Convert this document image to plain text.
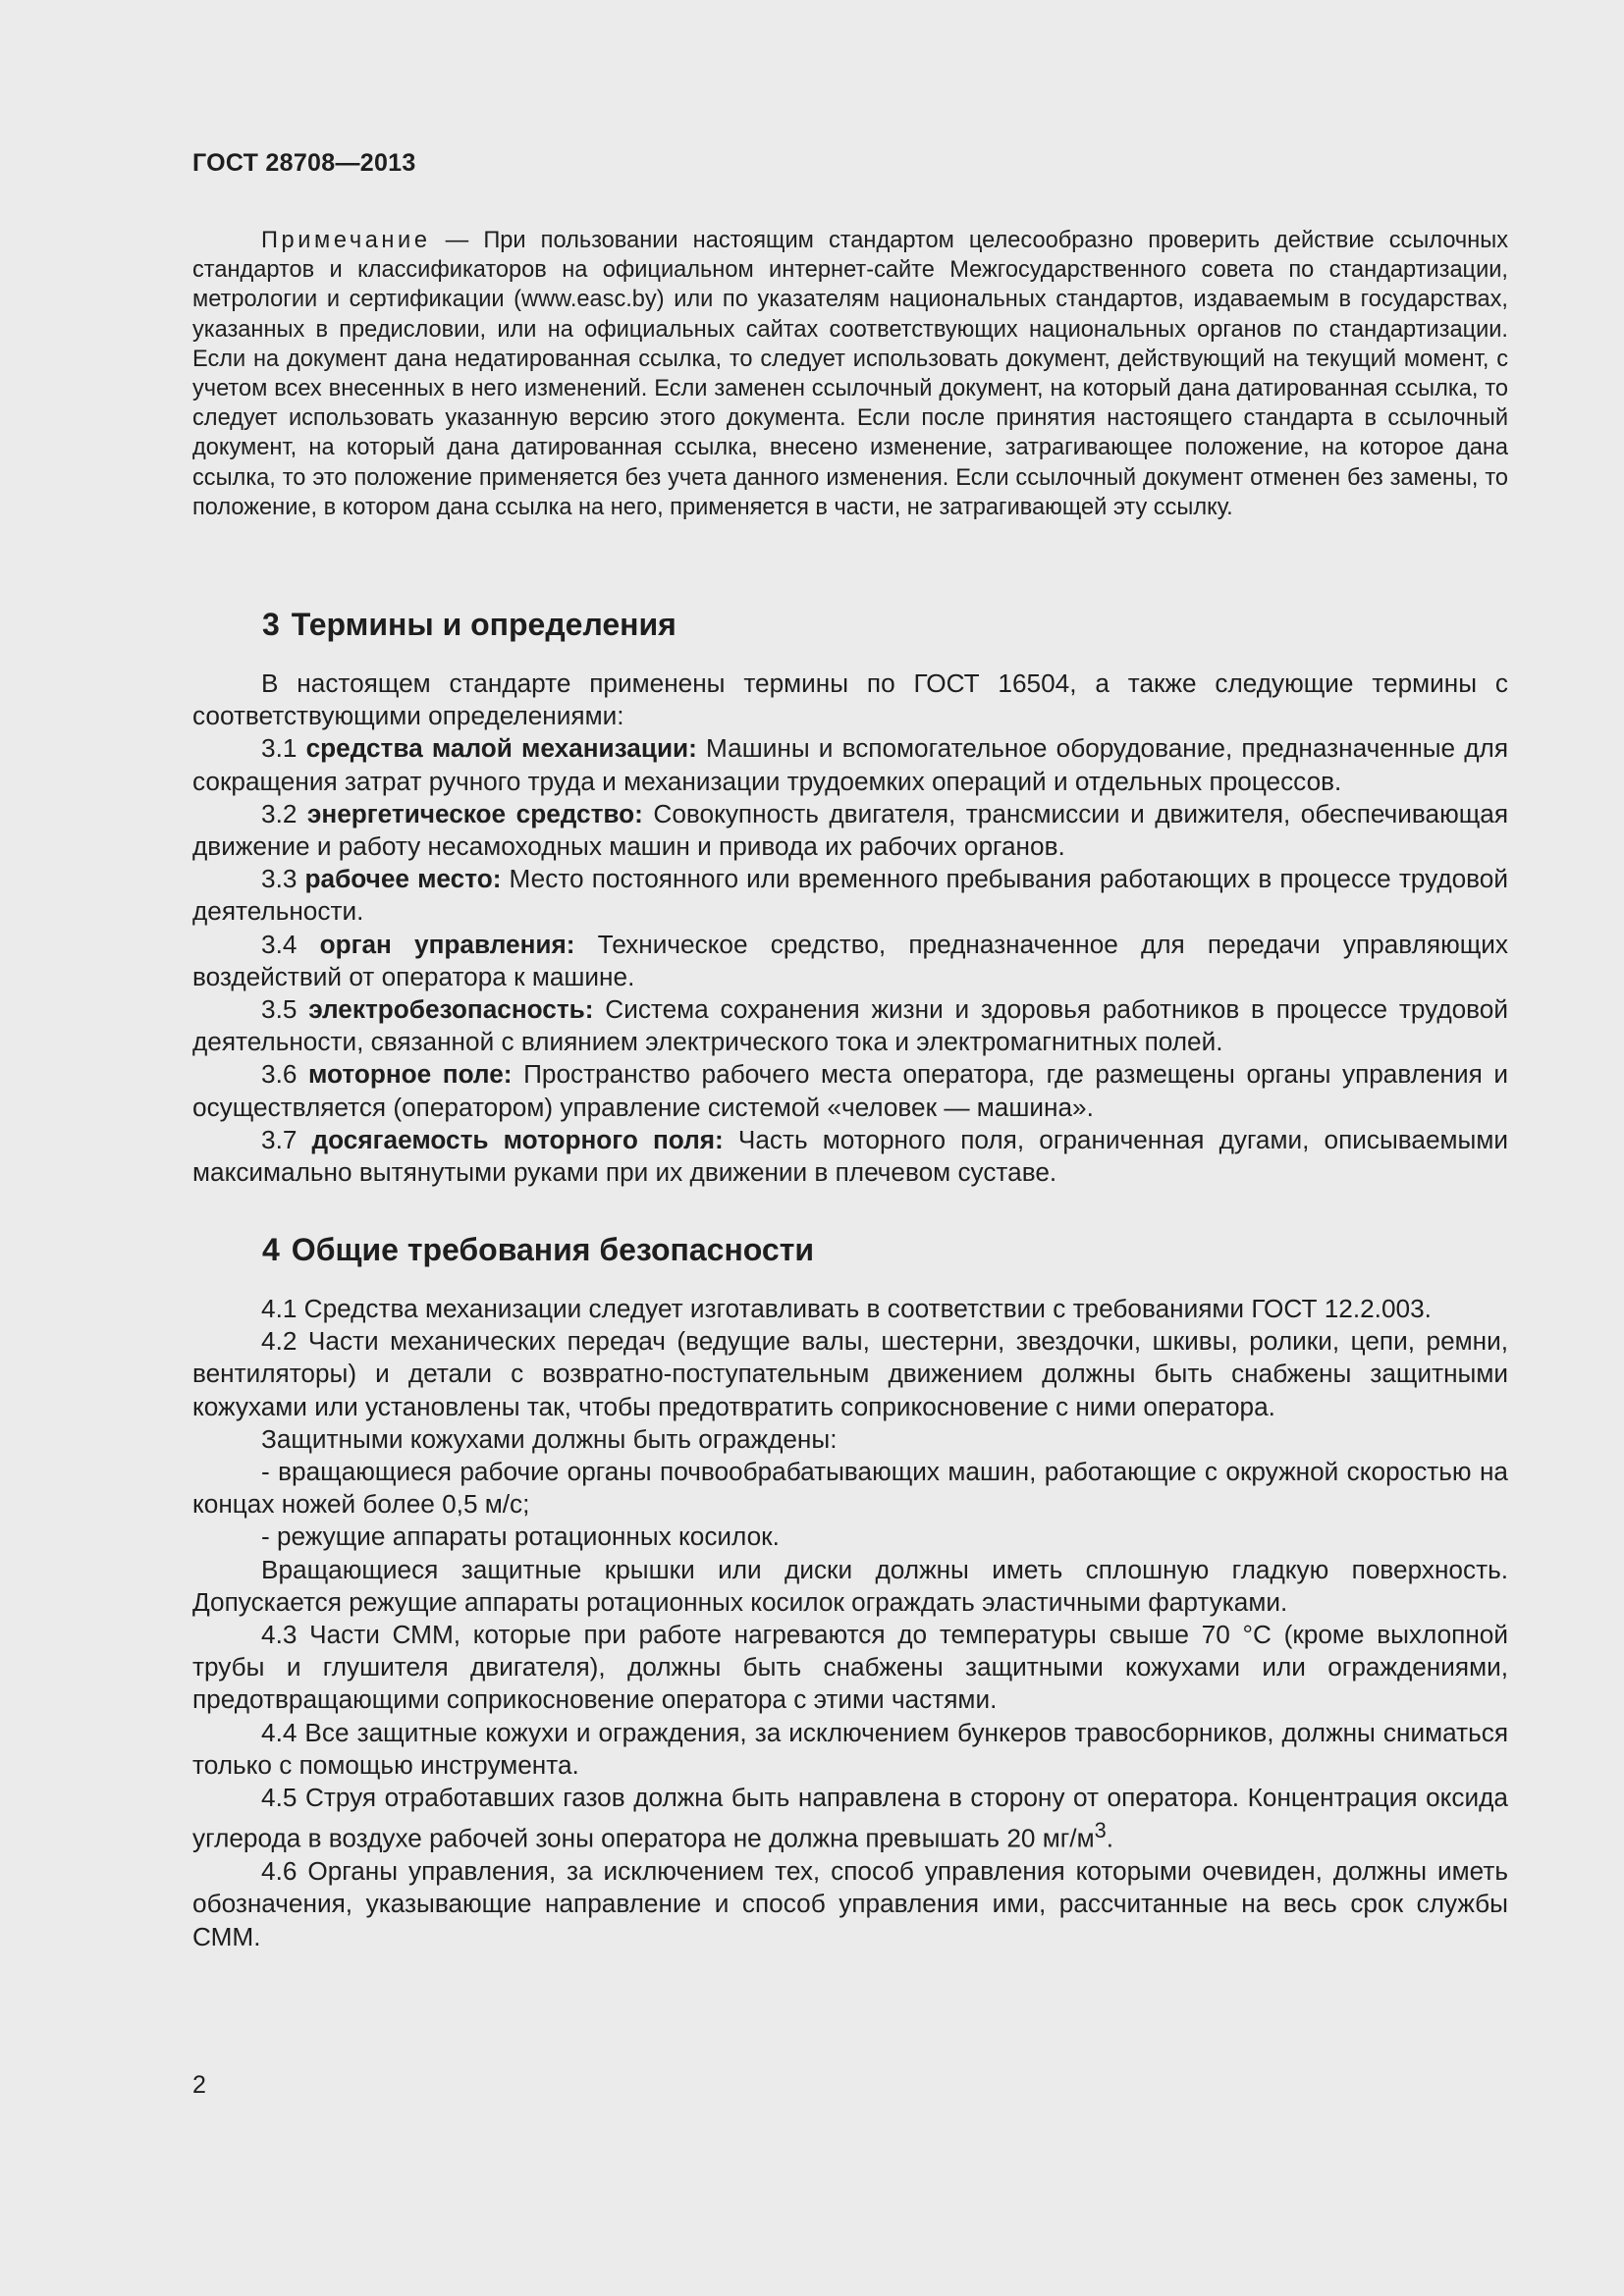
ГОСТ 28708—2013
Примечание — При пользовании настоящим стандартом целесообразно проверить действие ссылочных стандартов и классификаторов на официальном интернет-сайте Межгосударственного совета по стандартизации, метрологии и сертификации (www.easc.by) или по указателям национальных стандартов, издаваемым в государствах, указанных в предисловии, или на официальных сайтах соответствующих национальных органов по стандартизации. Если на документ дана недатированная ссылка, то следует использовать документ, действующий на текущий момент, с учетом всех внесенных в него изменений. Если заменен ссылочный документ, на который дана датированная ссылка, то следует использовать указанную версию этого документа. Если после принятия настоящего стандарта в ссылочный документ, на который дана датированная ссылка, внесено изменение, затрагивающее положение, на которое дана ссылка, то это положение применяется без учета данного изменения. Если ссылочный документ отменен без замены, то положение, в котором дана ссылка на него, применяется в части, не затрагивающей эту ссылку.
3 Термины и определения

В настоящем стандарте применены термины по ГОСТ 16504, а также следующие термины с соответствующими определениями:

3.1 средства малой механизации: Машины и вспомогательное оборудование, предназначенные для сокращения затрат ручного труда и механизации трудоемких операций и отдельных процессов.

3.2 энергетическое средство: Совокупность двигателя, трансмиссии и движителя, обеспечивающая движение и работу несамоходных машин и привода их рабочих органов.

3.3 рабочее место: Место постоянного или временного пребывания работающих в процессе трудовой деятельности.

3.4 орган управления: Техническое средство, предназначенное для передачи управляющих воздействий от оператора к машине.

3.5 электробезопасность: Система сохранения жизни и здоровья работников в процессе трудовой деятельности, связанной с влиянием электрического тока и электромагнитных полей.

3.6 моторное поле: Пространство рабочего места оператора, где размещены органы управления и осуществляется (оператором) управление системой «человек — машина».

3.7 досягаемость моторного поля: Часть моторного поля, ограниченная дугами, описываемыми максимально вытянутыми руками при их движении в плечевом суставе.

4 Общие требования безопасности

4.1 Средства механизации следует изготавливать в соответствии с требованиями ГОСТ 12.2.003.

4.2 Части механических передач (ведущие валы, шестерни, звездочки, шкивы, ролики, цепи, ремни, вентиляторы) и детали с возвратно-поступательным движением должны быть снабжены защитными кожухами или установлены так, чтобы предотвратить соприкосновение с ними оператора.

Защитными кожухами должны быть ограждены:

- вращающиеся рабочие органы почвообрабатывающих машин, работающие с окружной скоростью на концах ножей более 0,5 м/с;

- режущие аппараты ротационных косилок.

Вращающиеся защитные крышки или диски должны иметь сплошную гладкую поверхность. Допускается режущие аппараты ротационных косилок ограждать эластичными фартуками.

4.3 Части СММ, которые при работе нагреваются до температуры свыше 70 °С (кроме выхлопной трубы и глушителя двигателя), должны быть снабжены защитными кожухами или ограждениями, предотвращающими соприкосновение оператора с этими частями.

4.4 Все защитные кожухи и ограждения, за исключением бункеров травосборников, должны сниматься только с помощью инструмента.

4.5 Струя отработавших газов должна быть направлена в сторону от оператора. Концентрация оксида углерода в воздухе рабочей зоны оператора не должна превышать 20 $мг/м^3$.

4.6 Органы управления, за исключением тех, способ управления которыми очевиден, должны иметь обозначения, указывающие направление и способ управления ими, рассчитанные на весь срок службы СММ.

2
